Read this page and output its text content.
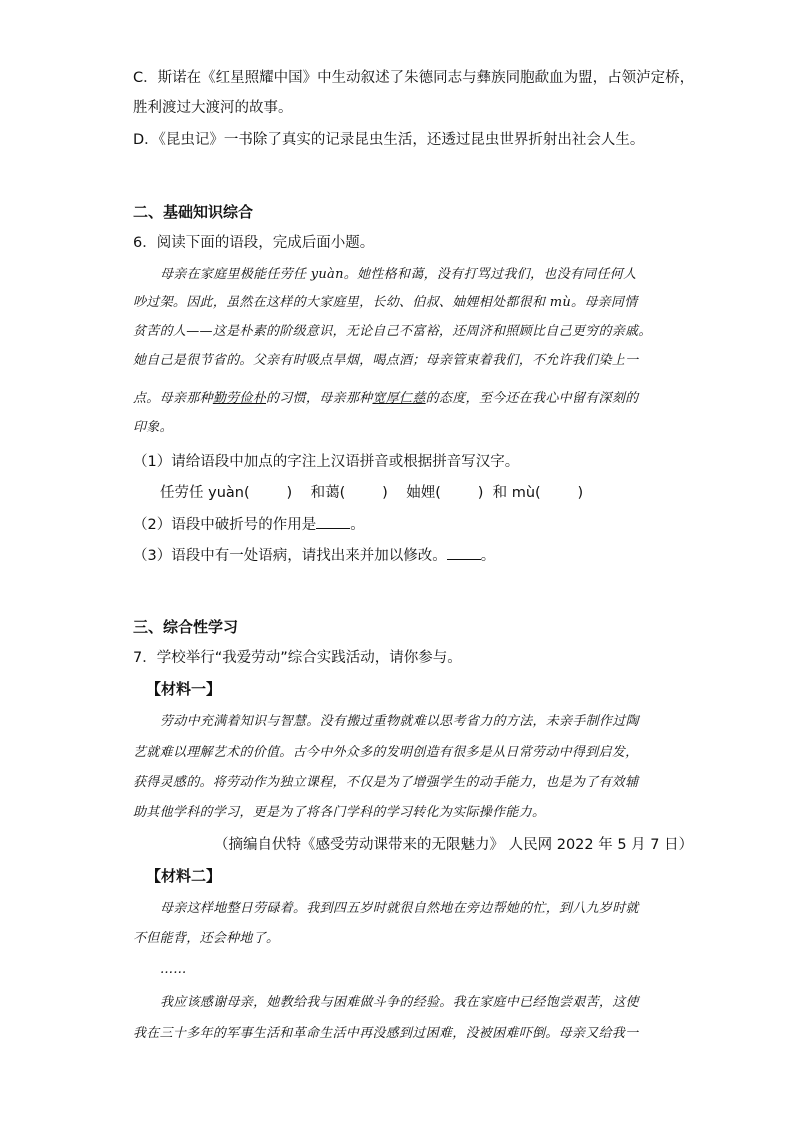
C．斯诺在《红星照耀中国》中生动叙述了朱德同志与彝族同胞歃血为盟，占领泸定桥，
胜利渡过大渡河的故事。
D．《昆虫记》一书除了真实的记录昆虫生活，还透过昆虫世界折射出社会人生。
二、基础知识综合
6．阅读下面的语段，完成后面小题。
母亲在家庭里极能任劳任 yuàn。她性格和蔼，没有打骂过我们，也没有同任何人
吵过架。因此，虽然在这样的大家庭里，长幼、伯叔、妯娌相处都很和 mù。母亲同情
贫苦的人——这是朴素的阶级意识，无论自己不富裕，还周济和照顾比自己更穷的亲戚。
她自己是很节省的。父亲有时吸点旱烟，喝点酒；母亲管束着我们，不允许我们染上一
点。母亲那种勤劳俭朴的习惯，母亲那种宽厚仁慈的态度，至今还在我心中留有深刻的
印象。
（1）请给语段中加点的字注上汉语拼音或根据拼音写汉字。
任劳任 yuàn(        )    和蔼(        )    妯娌(        )  和 mù(        )
（2）语段中破折号的作用是 。
（3）语段中有一处语病，请找出来并加以修改。 。
三、综合性学习
7．学校举行“我爱劳动”综合实践活动，请你参与。
【材料一】
劳动中充满着知识与智慧。没有搬过重物就难以思考省力的方法，未亲手制作过陶
艺就难以理解艺术的价值。古今中外众多的发明创造有很多是从日常劳动中得到启发，
获得灵感的。将劳动作为独立课程，不仅是为了增强学生的动手能力，也是为了有效辅
助其他学科的学习，更是为了将各门学科的学习转化为实际操作能力。
（摘编自伏特《感受劳动课带来的无限魅力》 人民网 2022 年 5 月 7 日）
【材料二】
母亲这样地整日劳碌着。我到四五岁时就很自然地在旁边帮她的忙，到八九岁时就
不但能背，还会种地了。
……
我应该感谢母亲，她教给我与困难做斗争的经验。我在家庭中已经饱尝艰苦，这使
我在三十多年的军事生活和革命生活中再没感到过困难，没被困难吓倒。母亲又给我一
